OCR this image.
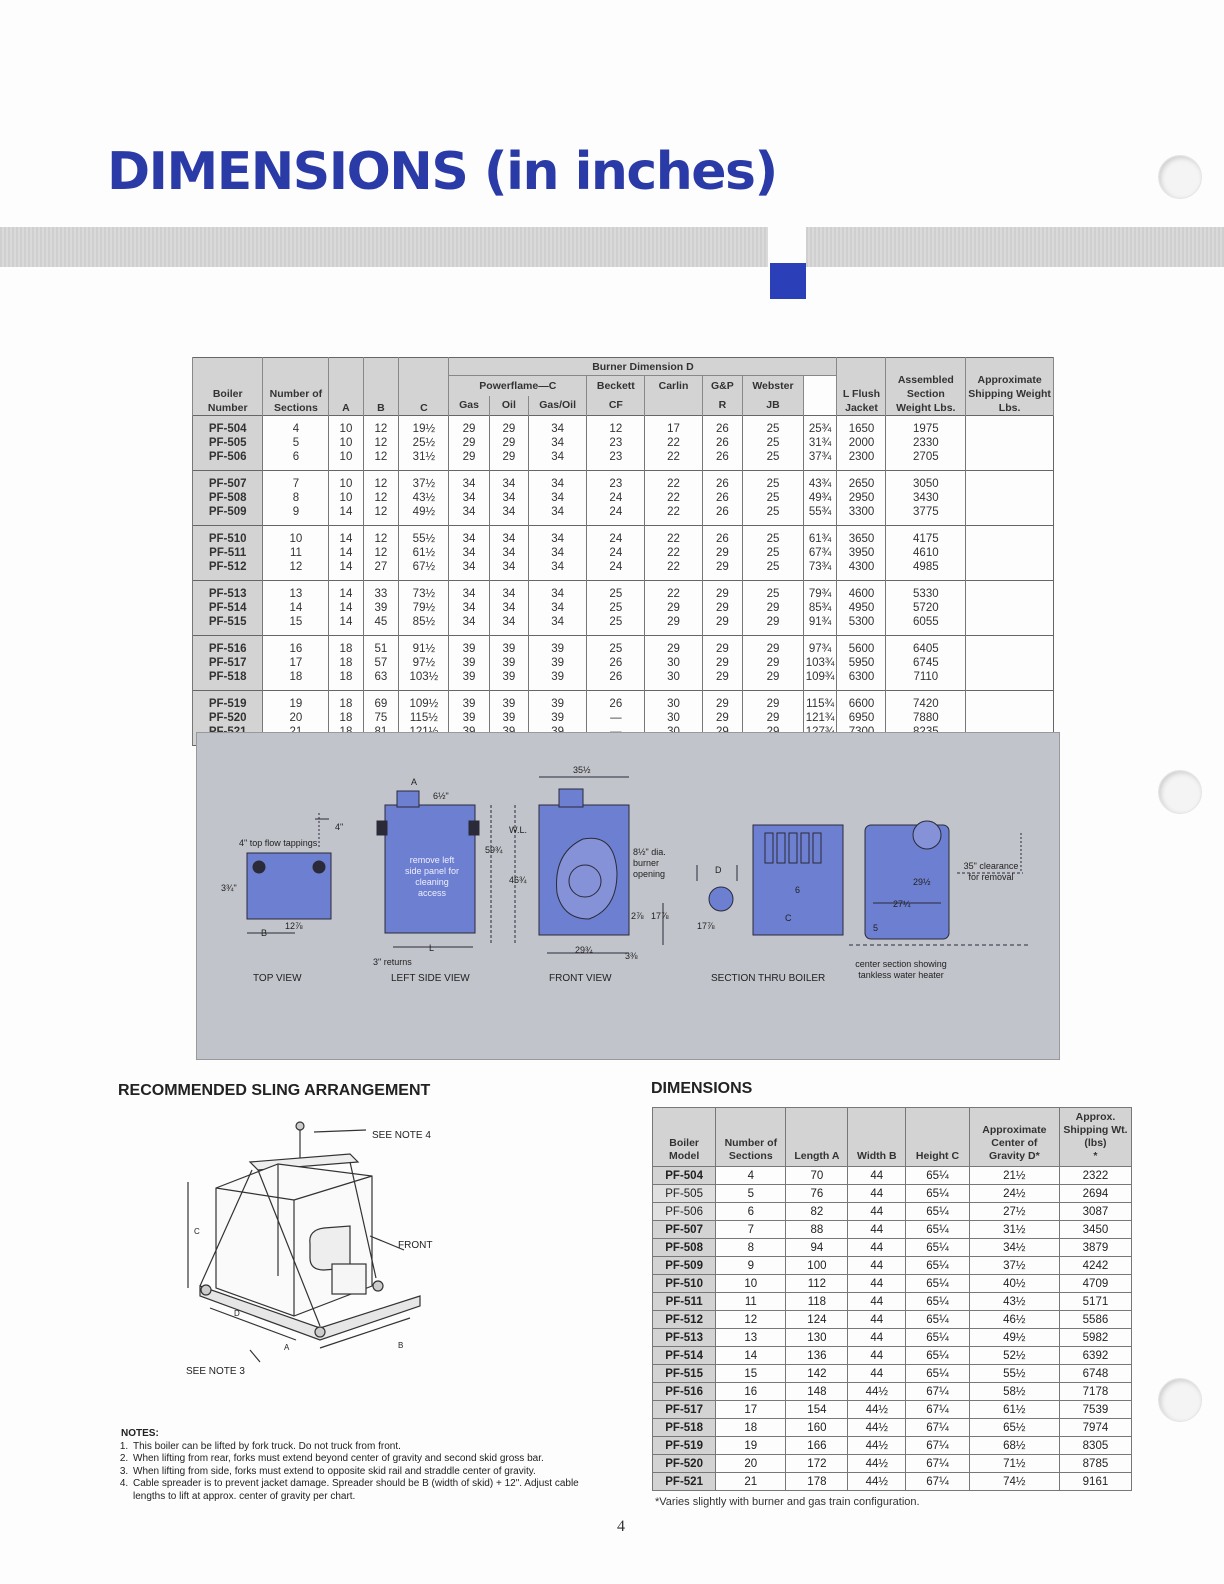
DIMENSIONS (in inches)
Boiler Number	Number of Sections	A	B	C	Burner Dimension D								L Flush Jacket	Assembled Section Weight Lbs.	Approximate Shipping Weight Lbs.
					Powerflame—C			Beckett	Carlin	G&P	Webster			
					Gas	Oil	Gas/Oil	CF		R	JB				
PF-504	4	10	12	19½	29	29	34	12	17	26	25	25¾	1650	1975	
PF-505	5	10	12	25½	29	29	34	23	22	26	25	31¾	2000	2330	
PF-506	6	10	12	31½	29	29	34	23	22	26	25	37¾	2300	2705	
PF-507	7	10	12	37½	34	34	34	23	22	26	25	43¾	2650	3050	
PF-508	8	10	12	43½	34	34	34	24	22	26	25	49¾	2950	3430	
PF-509	9	14	12	49½	34	34	34	24	22	26	25	55¾	3300	3775	
PF-510	10	14	12	55½	34	34	34	24	22	26	25	61¾	3650	4175	
PF-511	11	14	12	61½	34	34	34	24	22	29	25	67¾	3950	4610	
PF-512	12	14	27	67½	34	34	34	24	22	29	25	73¾	4300	4985	
PF-513	13	14	33	73½	34	34	34	25	22	29	25	79¾	4600	5330	
PF-514	14	14	39	79½	34	34	34	25	29	29	29	85¾	4950	5720	
PF-515	15	14	45	85½	34	34	34	25	29	29	29	91¾	5300	6055	
PF-516	16	18	51	91½	39	39	39	25	29	29	29	97¾	5600	6405	
PF-517	17	18	57	97½	39	39	39	26	30	29	29	103¾	5950	6745	
PF-518	18	18	63	103½	39	39	39	26	30	29	29	109¾	6300	7110	
PF-519	19	18	69	109½	39	39	39	26	30	29	29	115¾	6600	7420	
PF-520	20	18	75	115½	39	39	39	—	30	29	29	121¾	6950	7880	

4" top flow tappings
4"
3¾"
12⅞
B
A
6½"
59¾
46¾
W.L.
L
3" returns
35½
29¾
2⅞ 17⅞
3⅜
D
6
C
17⅞
29½
27¼
5
TOP VIEW	LEFT SIDE VIEW	FRONT VIEW	SECTION THRU BOILER
remove left side panel for cleaning access
8½" dia. burner opening
35" clearance for removal
center section showing tankless water heater
RECOMMENDED SLING ARRANGEMENT
C
D
A	B
SEE NOTE 4
FRONT
SEE NOTE 3
NOTES:
1. This boiler can be lifted by fork truck. Do not truck from front.
2. When lifting from rear, forks must extend beyond center of gravity and second skid gross bar.
3. When lifting from side, forks must extend to opposite skid rail and straddle center of gravity.
4. Cable spreader is to prevent jacket damage. Spreader should be B (width of skid) + 12". Adjust cable lengths to lift at approx. center of gravity per chart.
DIMENSIONS
Boiler Model	Number of Sections	Length A	Width B	Height C	Approximate Center of Gravity D*	Approx. Shipping Wt. (lbs)
*
PF-504	4	70	44	65¼	21½	2322
PF-505	5	76	44	65¼	24½	2694
PF-506	6	82	44	65¼	27½	3087
PF-507	7	88	44	65¼	31½	3450
PF-508	8	94	44	65¼	34½	3879
PF-509	9	100	44	65¼	37½	4242
PF-510	10	112	44	65¼	40½	4709
PF-511	11	118	44	65¼	43½	5171
PF-512	12	124	44	65¼	46½	5586
PF-513	13	130	44	65¼	49½	5982
PF-514	14	136	44	65¼	52½	6392
PF-515	15	142	44	65¼	55½	6748
PF-516	16	148	44½	67¼	58½	7178
PF-517	17	154	44½	67¼	61½	7539
PF-518	18	160	44½	67¼	65½	7974
PF-519	19	166	44½	67¼	68½	8305
PF-520	20	172	44½	67¼	71½	8785
PF-521	21	178	44½	67¼	74½	9161
*Varies slightly with burner and gas train configuration.
4
